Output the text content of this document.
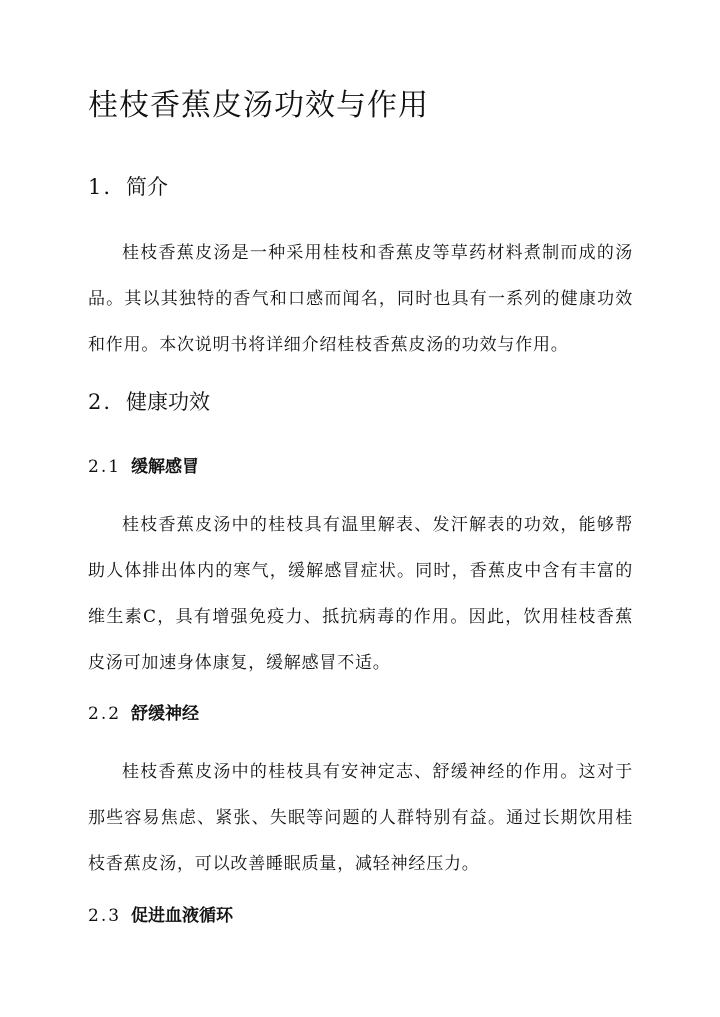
桂枝香蕉皮汤功效与作用
1. 简介

桂枝香蕉皮汤是一种采用桂枝和香蕉皮等草药材料煮制而成的汤品。其以其独特的香气和口感而闻名，同时也具有一系列的健康功效和作用。本次说明书将详细介绍桂枝香蕉皮汤的功效与作用。

2. 健康功效
2.1 缓解感冒

桂枝香蕉皮汤中的桂枝具有温里解表、发汗解表的功效，能够帮助人体排出体内的寒气，缓解感冒症状。同时，香蕉皮中含有丰富的维生素C，具有增强免疫力、抵抗病毒的作用。因此，饮用桂枝香蕉皮汤可加速身体康复，缓解感冒不适。

2.2 舒缓神经

桂枝香蕉皮汤中的桂枝具有安神定志、舒缓神经的作用。这对于那些容易焦虑、紧张、失眠等问题的人群特别有益。通过长期饮用桂枝香蕉皮汤，可以改善睡眠质量，减轻神经压力。

2.3 促进血液循环
